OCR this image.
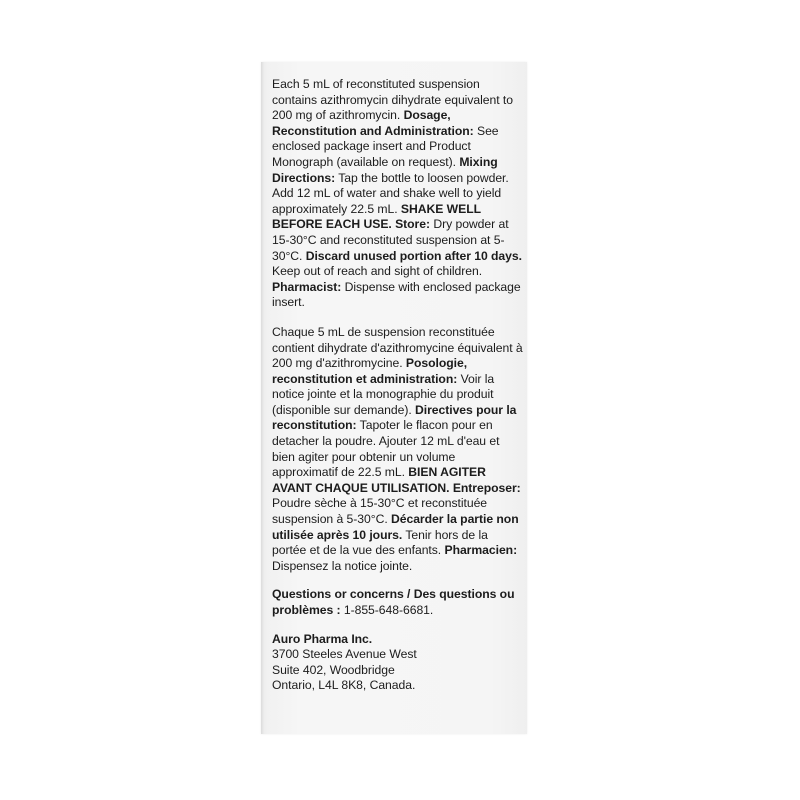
Each 5 mL of reconstituted suspension contains azithromycin dihydrate equivalent to 200 mg of azithromycin. Dosage, Reconstitution and Administration: See enclosed package insert and Product Monograph (available on request). Mixing Directions: Tap the bottle to loosen powder. Add 12 mL of water and shake well to yield approximately 22.5 mL. SHAKE WELL BEFORE EACH USE. Store: Dry powder at 15-30°C and reconstituted suspension at 5-30°C. Discard unused portion after 10 days. Keep out of reach and sight of children. Pharmacist: Dispense with enclosed package insert.

Chaque 5 mL de suspension reconstituée contient dihydrate d'azithromycine équivalent à 200 mg d'azithromycine. Posologie, reconstitution et administration: Voir la notice jointe et la monographie du produit (disponible sur demande). Directives pour la reconstitution: Tapoter le flacon pour en detacher la poudre. Ajouter 12 mL d'eau et bien agiter pour obtenir un volume approximatif de 22.5 mL. BIEN AGITER AVANT CHAQUE UTILISATION. Entreposer: Poudre sèche à 15-30°C et reconstituée suspension à 5-30°C. Décarder la partie non utilisée après 10 jours. Tenir hors de la portée et de la vue des enfants. Pharmacien: Dispensez la notice jointe.

Questions or concerns / Des questions ou problèmes : 1-855-648-6681.

Auro Pharma Inc.
3700 Steeles Avenue West
Suite 402, Woodbridge
Ontario, L4L 8K8, Canada.
